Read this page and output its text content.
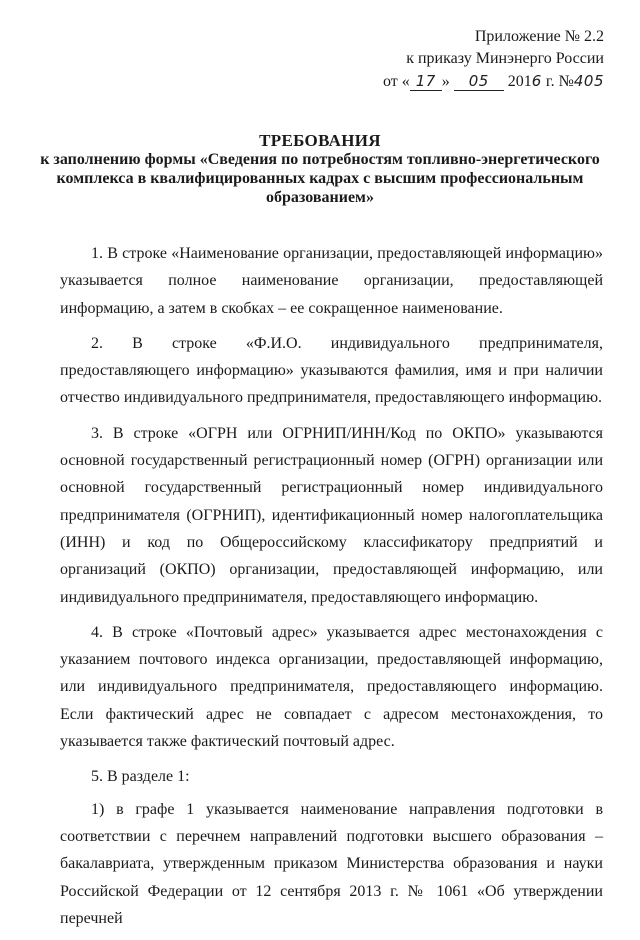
Приложение № 2.2
к приказу Минэнерго России
от « 17 » 05 2016 г. №405
ТРЕБОВАНИЯ
к заполнению формы «Сведения по потребностям топливно-энергетического
комплекса в квалифицированных кадрах с высшим профессиональным
образованием»

1. В строке «Наименование организации, предоставляющей информацию» указывается полное наименование организации, предоставляющей информацию, а затем в скобках – ее сокращенное наименование.

2. В строке «Ф.И.О. индивидуального предпринимателя, предоставляющего информацию» указываются фамилия, имя и при наличии отчество индивидуального предпринимателя, предоставляющего информацию.

3. В строке «ОГРН или ОГРНИП/ИНН/Код по ОКПО» указываются основной государственный регистрационный номер (ОГРН) организации или основной государственный регистрационный номер индивидуального предпринимателя (ОГРНИП), идентификационный номер налогоплательщика (ИНН) и код по Общероссийскому классификатору предприятий и организаций (ОКПО) организации, предоставляющей информацию, или индивидуального предпринимателя, предоставляющего информацию.

4. В строке «Почтовый адрес» указывается адрес местонахождения с указанием почтового индекса организации, предоставляющей информацию, или индивидуального предпринимателя, предоставляющего информацию. Если фактический адрес не совпадает с адресом местонахождения, то указывается также фактический почтовый адрес.

5. В разделе 1:

1) в графе 1 указывается наименование направления подготовки в соответствии с перечнем направлений подготовки высшего образования – бакалавриата, утвержденным приказом Министерства образования и науки Российской Федерации от 12 сентября 2013 г. № 1061 «Об утверждении перечней
